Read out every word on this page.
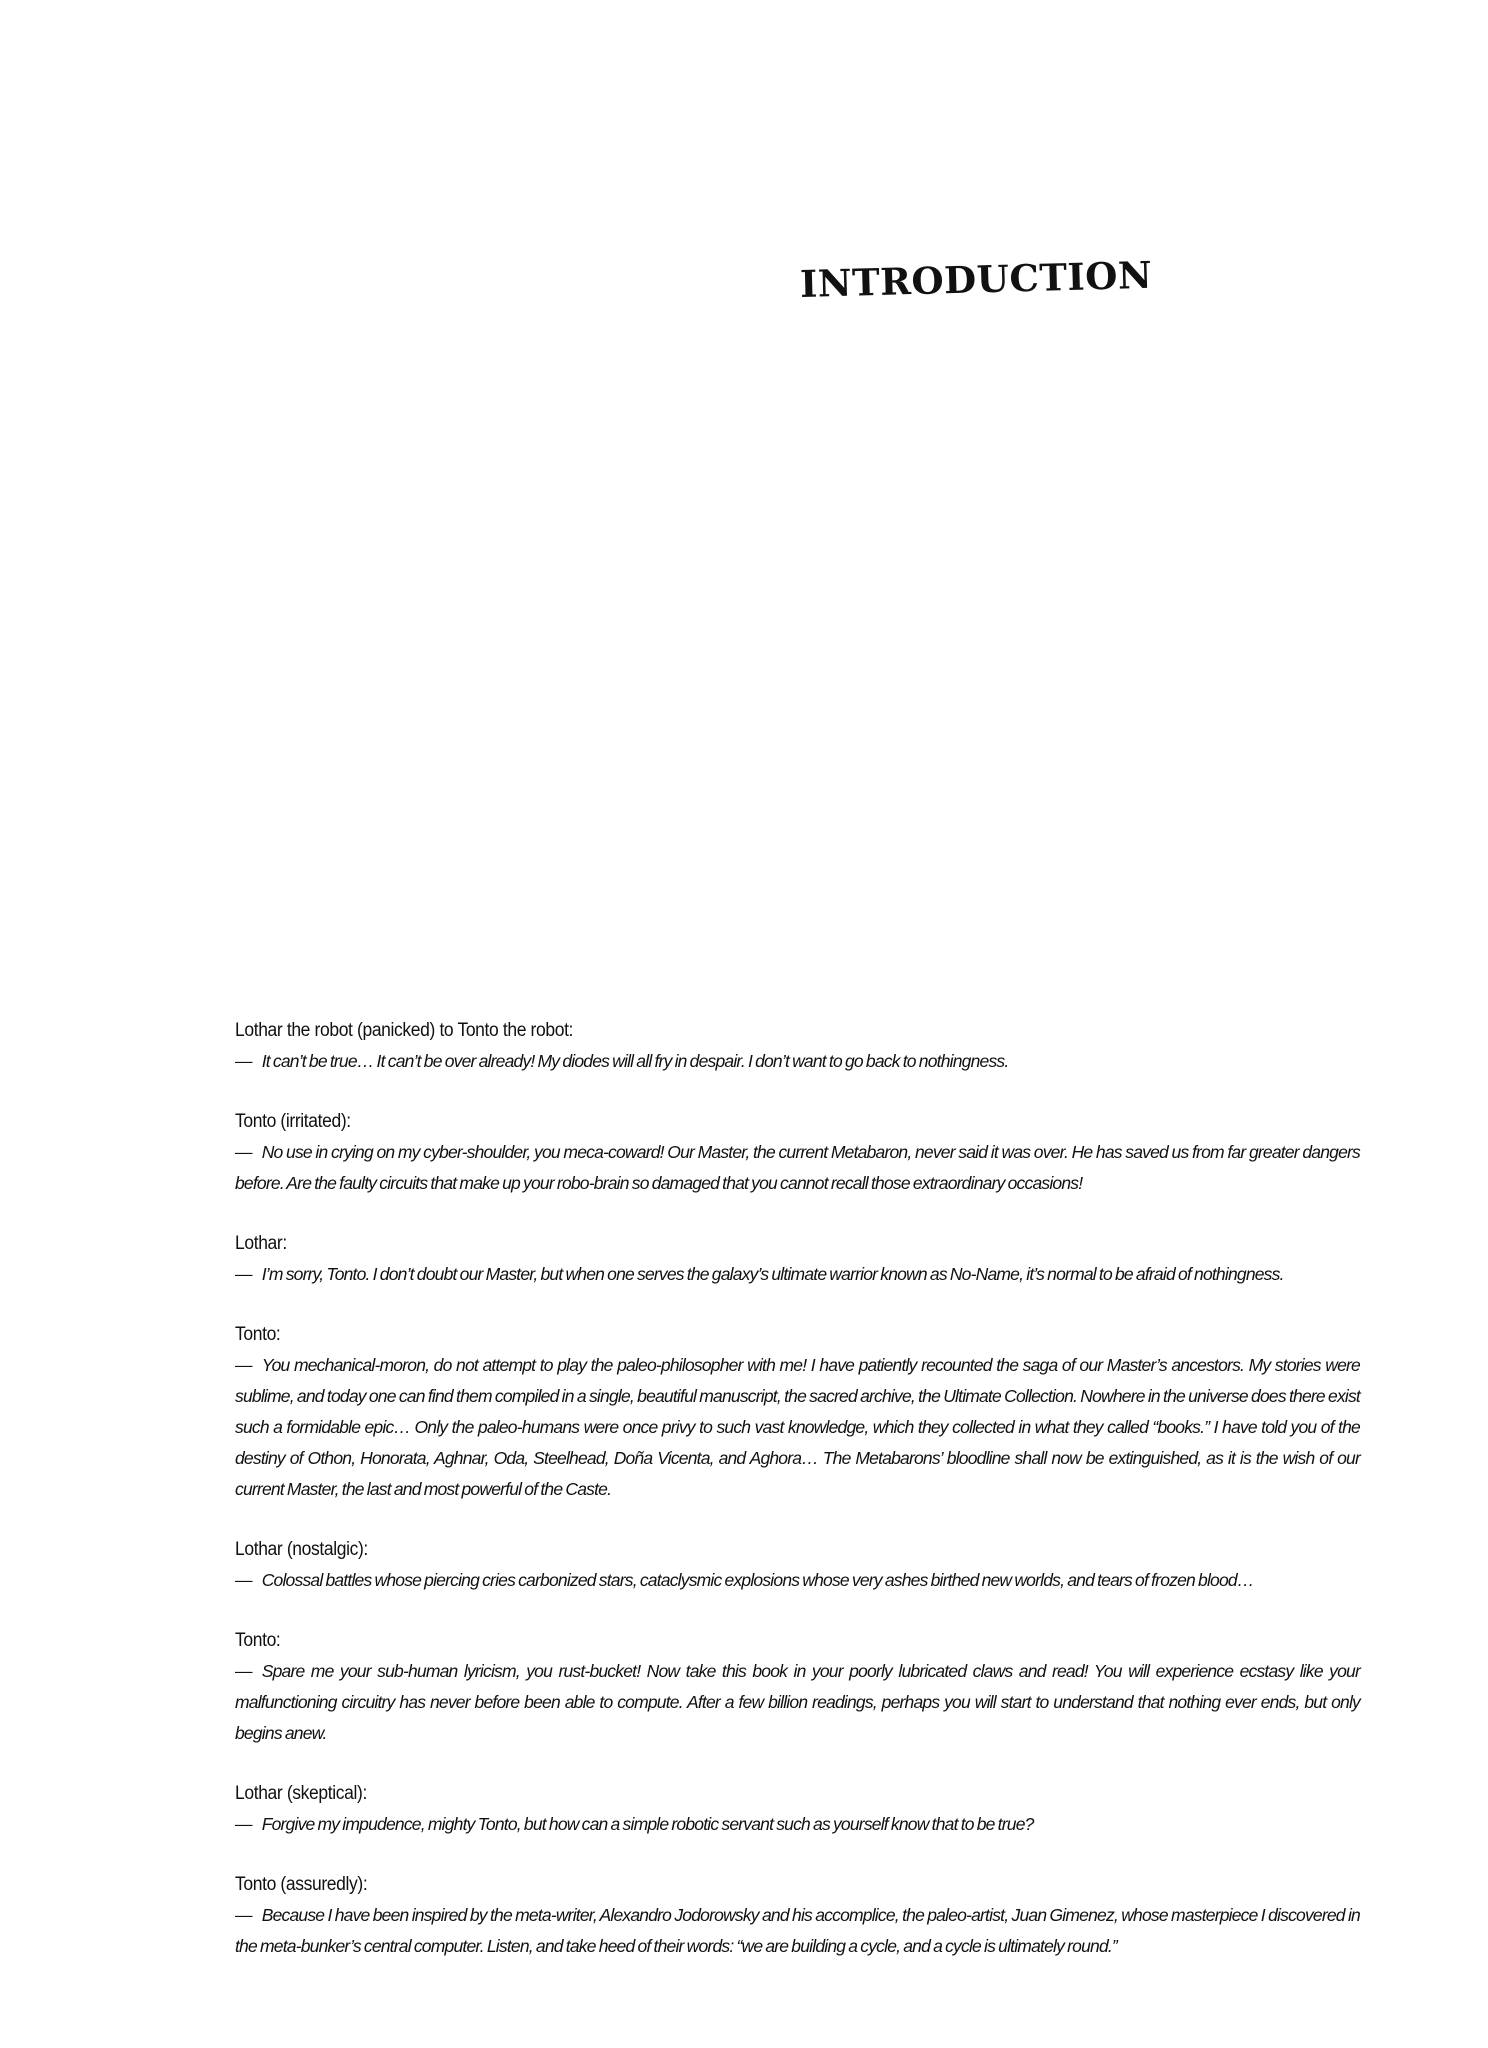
INTRODUCTION

Lothar the robot (panicked) to Tonto the robot:

— It can’t be true… It can’t be over already! My diodes will all fry in despair. I don’t want to go back to nothingness.

Tonto (irritated):

— No use in crying on my cyber-shoulder, you meca-coward! Our Master, the current Metabaron, never said it was over. He has saved us from far greater dangers before. Are the faulty circuits that make up your robo-brain so damaged that you cannot recall those extraordinary occasions!

Lothar:

— I’m sorry, Tonto. I don’t doubt our Master, but when one serves the galaxy’s ultimate warrior known as No-Name, it’s normal to be afraid of nothingness.

Tonto:

— You mechanical-moron, do not attempt to play the paleo-philosopher with me! I have patiently recounted the saga of our Master’s ancestors. My stories were sublime, and today one can find them compiled in a single, beautiful manuscript, the sacred archive, the Ultimate Collection. Nowhere in the universe does there exist such a formidable epic… Only the paleo-humans were once privy to such vast knowledge, which they collected in what they called “books.” I have told you of the destiny of Othon, Honorata, Aghnar, Oda, Steelhead, Doña Vicenta, and Aghora… The Metabarons’ bloodline shall now be extinguished, as it is the wish of our current Master, the last and most powerful of the Caste.

Lothar (nostalgic):

— Colossal battles whose piercing cries carbonized stars, cataclysmic explosions whose very ashes birthed new worlds, and tears of frozen blood…

Tonto:

— Spare me your sub-human lyricism, you rust-bucket! Now take this book in your poorly lubricated claws and read! You will experience ecstasy like your malfunctioning circuitry has never before been able to compute. After a few billion readings, perhaps you will start to understand that nothing ever ends, but only begins anew.

Lothar (skeptical):

— Forgive my impudence, mighty Tonto, but how can a simple robotic servant such as yourself know that to be true?

Tonto (assuredly):

— Because I have been inspired by the meta-writer, Alexandro Jodorowsky and his accomplice, the paleo-artist, Juan Gimenez, whose masterpiece I discovered in the meta-bunker’s central computer. Listen, and take heed of their words: “we are building a cycle, and a cycle is ultimately round.”
